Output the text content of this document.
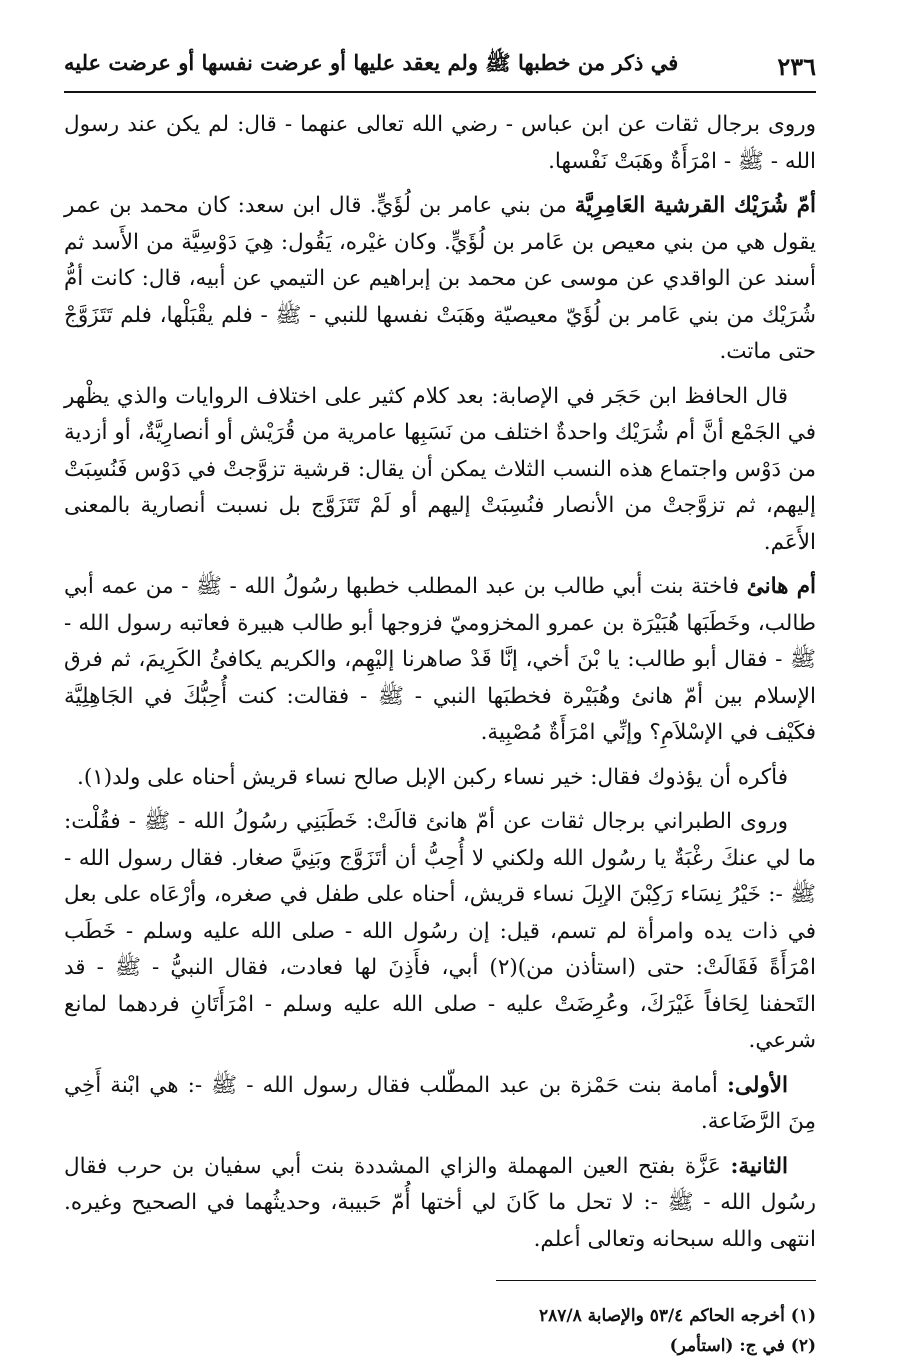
٢٣٦
في ذكر من خطبها ﷺ ولم يعقد عليها أو عرضت نفسها أو عرضت عليه

وروى برجال ثقات عن ابن عباس - رضي الله تعالى عنهما - قال: لم يكن عند رسول الله - ﷺ - امْرَأَةٌ وهَبَتْ نَفْسها.

أمّ شُرَيْك القرشية العَامِرِيَّة من بني عامر بن لُؤَيٍّ. قال ابن سعد: كان محمد بن عمر يقول هي من بني معيص بن عَامر بن لُؤَيٍّ. وكان غيْره، يَقُول: هِيَ دَوْسِيَّة من الأَسد ثم أسند عن الواقدي عن موسى عن محمد بن إبراهيم عن التيمي عن أبيه، قال: كانت أمُّ شُرَيْك من بني عَامر بن لُؤَيّ معيصيّة وهَبَتْ نفسها للنبي - ﷺ - فلم يقْبَلْها، فلم تَتَزَوَّجْ حتى ماتت.

قال الحافظ ابن حَجَر في الإصابة: بعد كلام كثير على اختلاف الروايات والذي يظْهر في الجَمْع أنَّ أم شُرَيْك واحدةٌ اختلف من نَسَبِها عامرية من قُرَيْش أو أنصارِيَّةٌ، أو أزدية من دَوْس واجتماع هذه النسب الثلاث يمكن أن يقال: قرشية تزوَّجتْ في دَوْس فَنُسِبَتْ إليهم، ثم تزوَّجتْ من الأنصار فنُسِبَتْ إليهم أو لَمْ تَتَزَوَّج بل نسبت أنصارية بالمعنى الأَعَم.

أم هانئ فاختة بنت أبي طالب بن عبد المطلب خطبها رسُولُ الله - ﷺ - من عمه أبي طالب، وخَطَبَها هُبَيْرَة بن عمرو المخزوميّ فزوجها أبو طالب هبيرة فعاتبه رسول الله - ﷺ - فقال أبو طالب: يا بْنَ أخي، إنَّا قَدْ صاهرنا إليْهِم، والكريم يكافئُ الكَرِيمَ، ثم فرق الإسلام بين أمّ هانئ وهُبَيْرة فخطبَها النبي - ﷺ - فقالت: كنت أُحِبُّكَ في الجَاهِلِيَّة فكَيْف في الإسْلاَمِ؟ وإنِّي امْرَأَةٌ مُصْبِية.

فأكره أن يؤذوك فقال: خير نساء ركبن الإبل صالح نساء قريش أحناه على ولد(١).

وروى الطبراني برجال ثقات عن أمّ هانئ قالَتْ: خَطَبَنِي رسُولُ الله - ﷺ - فقُلْت: ما لي عنكَ رغْبَةٌ يا رسُول الله ولكني لا أُحِبُّ أن أتَزَوَّج وبَنِيَّ صغار. فقال رسول الله - ﷺ -: خَيْرُ نِسَاء رَكِبْنَ الإبِلَ نساء قريش، أحناه على طفل في صغره، وأرْعَاه على بعل في ذات يده وامرأة لم تسم، قيل: إن رسُول الله - صلى الله عليه وسلم - خَطَب امْرَأَةً فَقَالَتْ: حتى (استأذن من)(٢) أبي، فأَذِنَ لها فعادت، فقال النبيُّ - ﷺ - قد التَحفنا لِحَافاً غَيْرَكَ، وعُرِضَتْ عليه - صلى الله عليه وسلم - امْرَأَتَانِ فردهما لمانع شرعي.

الأولى: أمامة بنت حَمْزة بن عبد المطّلب فقال رسول الله - ﷺ -: هي ابْنة أَخِي مِنَ الرَّضَاعة.

الثانية: عَزَّة بفتح العين المهملة والزاي المشددة بنت أبي سفيان بن حرب فقال رسُول الله - ﷺ -: لا تحل ما كَانَ لي أختها أُمّ حَبيبة، وحديثُهما في الصحيح وغيره. انتهى والله سبحانه وتعالى أعلم.

(١) أخرجه الحاكم ٥٣/٤ والإصابة ٢٨٧/٨
(٢) في ج: (استأمر)
